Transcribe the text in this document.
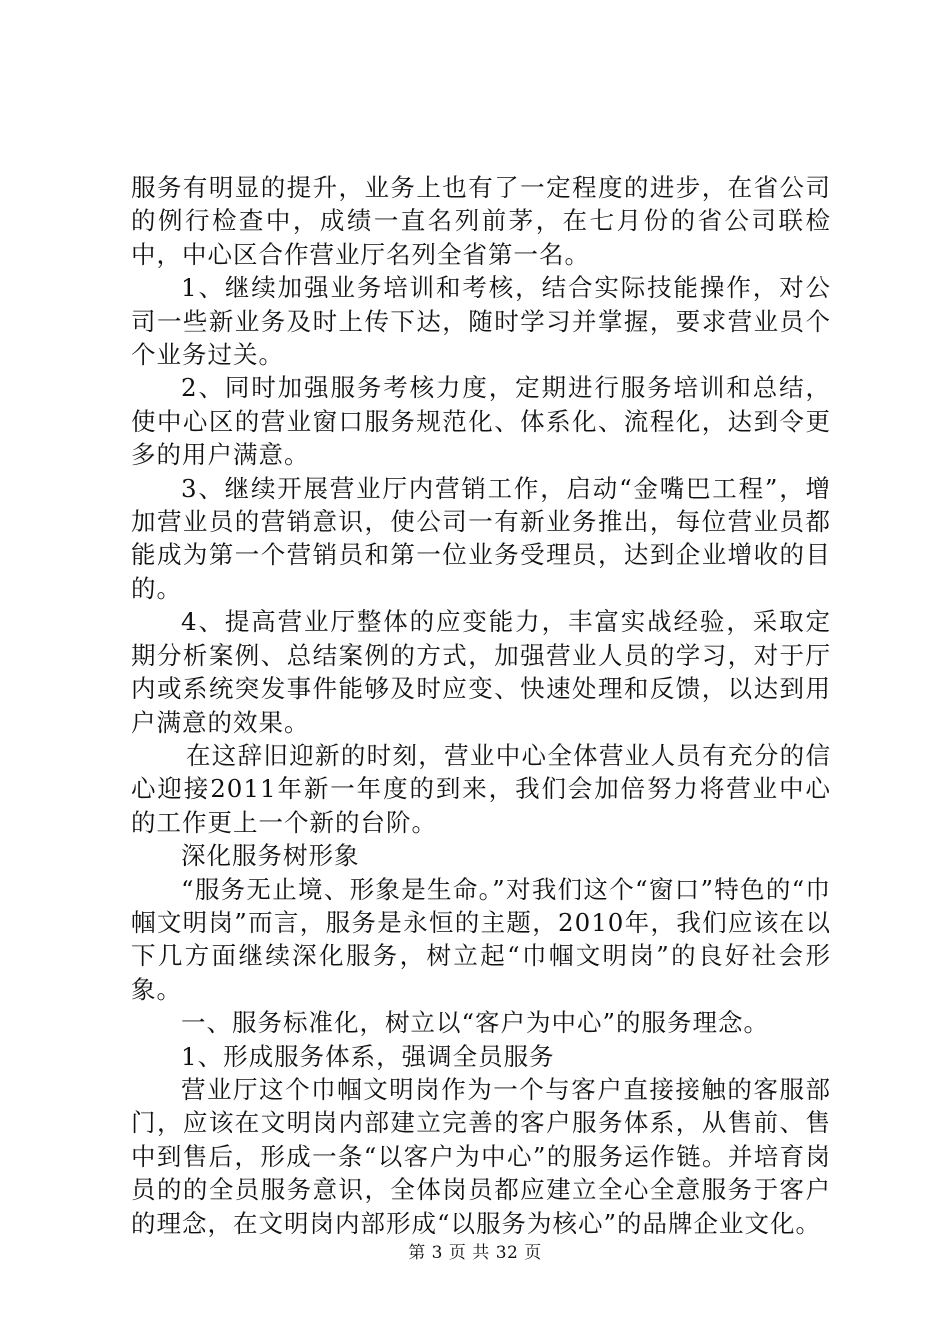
服务有明显的提升，业务上也有了一定程度的进步，在省公司的例行检查中，成绩一直名列前茅，在七月份的省公司联检中，中心区合作营业厅名列全省第一名。

1、继续加强业务培训和考核，结合实际技能操作，对公司一些新业务及时上传下达，随时学习并掌握，要求营业员个个业务过关。

2、同时加强服务考核力度，定期进行服务培训和总结，使中心区的营业窗口服务规范化、体系化、流程化，达到令更多的用户满意。

3、继续开展营业厅内营销工作，启动“金嘴巴工程”，增加营业员的营销意识，使公司一有新业务推出，每位营业员都能成为第一个营销员和第一位业务受理员，达到企业增收的目的。

4、提高营业厅整体的应变能力，丰富实战经验，采取定期分析案例、总结案例的方式，加强营业人员的学习，对于厅内或系统突发事件能够及时应变、快速处理和反馈，以达到用户满意的效果。

在这辞旧迎新的时刻，营业中心全体营业人员有充分的信心迎接2011年新一年度的到来，我们会加倍努力将营业中心的工作更上一个新的台阶。

深化服务树形象

“服务无止境、形象是生命。”对我们这个“窗口”特色的“巾帼文明岗”而言，服务是永恒的主题，2010年，我们应该在以下几方面继续深化服务，树立起“巾帼文明岗”的良好社会形象。

一、服务标准化，树立以“客户为中心”的服务理念。

1、形成服务体系，强调全员服务

营业厅这个巾帼文明岗作为一个与客户直接接触的客服部门，应该在文明岗内部建立完善的客户服务体系，从售前、售中到售后，形成一条“以客户为中心”的服务运作链。并培育岗员的的全员服务意识，全体岗员都应建立全心全意服务于客户的理念，在文明岗内部形成“以服务为核心”的品牌企业文化。

第 3 页 共 32 页
